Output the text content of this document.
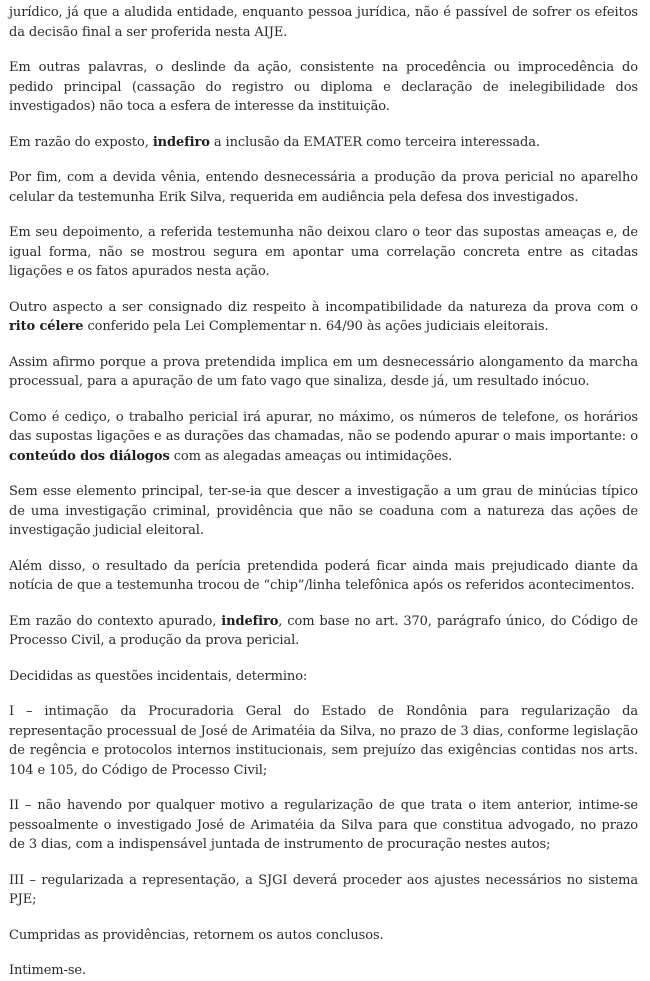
jurídico, já que a aludida entidade, enquanto pessoa jurídica, não é passível de sofrer os efeitos da decisão final a ser proferida nesta AIJE.

Em outras palavras, o deslinde da ação, consistente na procedência ou improcedência do pedido principal (cassação do registro ou diploma e declaração de inelegibilidade dos investigados) não toca a esfera de interesse da instituição.

Em razão do exposto, indefiro a inclusão da EMATER como terceira interessada.

Por fim, com a devida vênia, entendo desnecessária a produção da prova pericial no aparelho celular da testemunha Erik Silva, requerida em audiência pela defesa dos investigados.

Em seu depoimento, a referida testemunha não deixou claro o teor das supostas ameaças e, de igual forma, não se mostrou segura em apontar uma correlação concreta entre as citadas ligações e os fatos apurados nesta ação.

Outro aspecto a ser consignado diz respeito à incompatibilidade da natureza da prova com o rito célere conferido pela Lei Complementar n. 64/90 às ações judiciais eleitorais.

Assim afirmo porque a prova pretendida implica em um desnecessário alongamento da marcha processual, para a apuração de um fato vago que sinaliza, desde já, um resultado inócuo.

Como é cediço, o trabalho pericial irá apurar, no máximo, os números de telefone, os horários das supostas ligações e as durações das chamadas, não se podendo apurar o mais importante: o conteúdo dos diálogos com as alegadas ameaças ou intimidações.

Sem esse elemento principal, ter-se-ia que descer a investigação a um grau de minúcias típico de uma investigação criminal, providência que não se coaduna com a natureza das ações de investigação judicial eleitoral.

Além disso, o resultado da perícia pretendida poderá ficar ainda mais prejudicado diante da notícia de que a testemunha trocou de “chip”/linha telefônica após os referidos acontecimentos.

Em razão do contexto apurado, indefiro, com base no art. 370, parágrafo único, do Código de Processo Civil, a produção da prova pericial.

Decididas as questões incidentais, determino:

I – intimação da Procuradoria Geral do Estado de Rondônia para regularização da representação processual de José de Arimatéia da Silva, no prazo de 3 dias, conforme legislação de regência e protocolos internos institucionais, sem prejuízo das exigências contidas nos arts. 104 e 105, do Código de Processo Civil;

II – não havendo por qualquer motivo a regularização de que trata o item anterior, intime-se pessoalmente o investigado José de Arimatéia da Silva para que constitua advogado, no prazo de 3 dias, com a indispensável juntada de instrumento de procuração nestes autos;

III – regularizada a representação, a SJGI deverá proceder aos ajustes necessários no sistema PJE;

Cumpridas as providências, retornem os autos conclusos.

Intimem-se.
